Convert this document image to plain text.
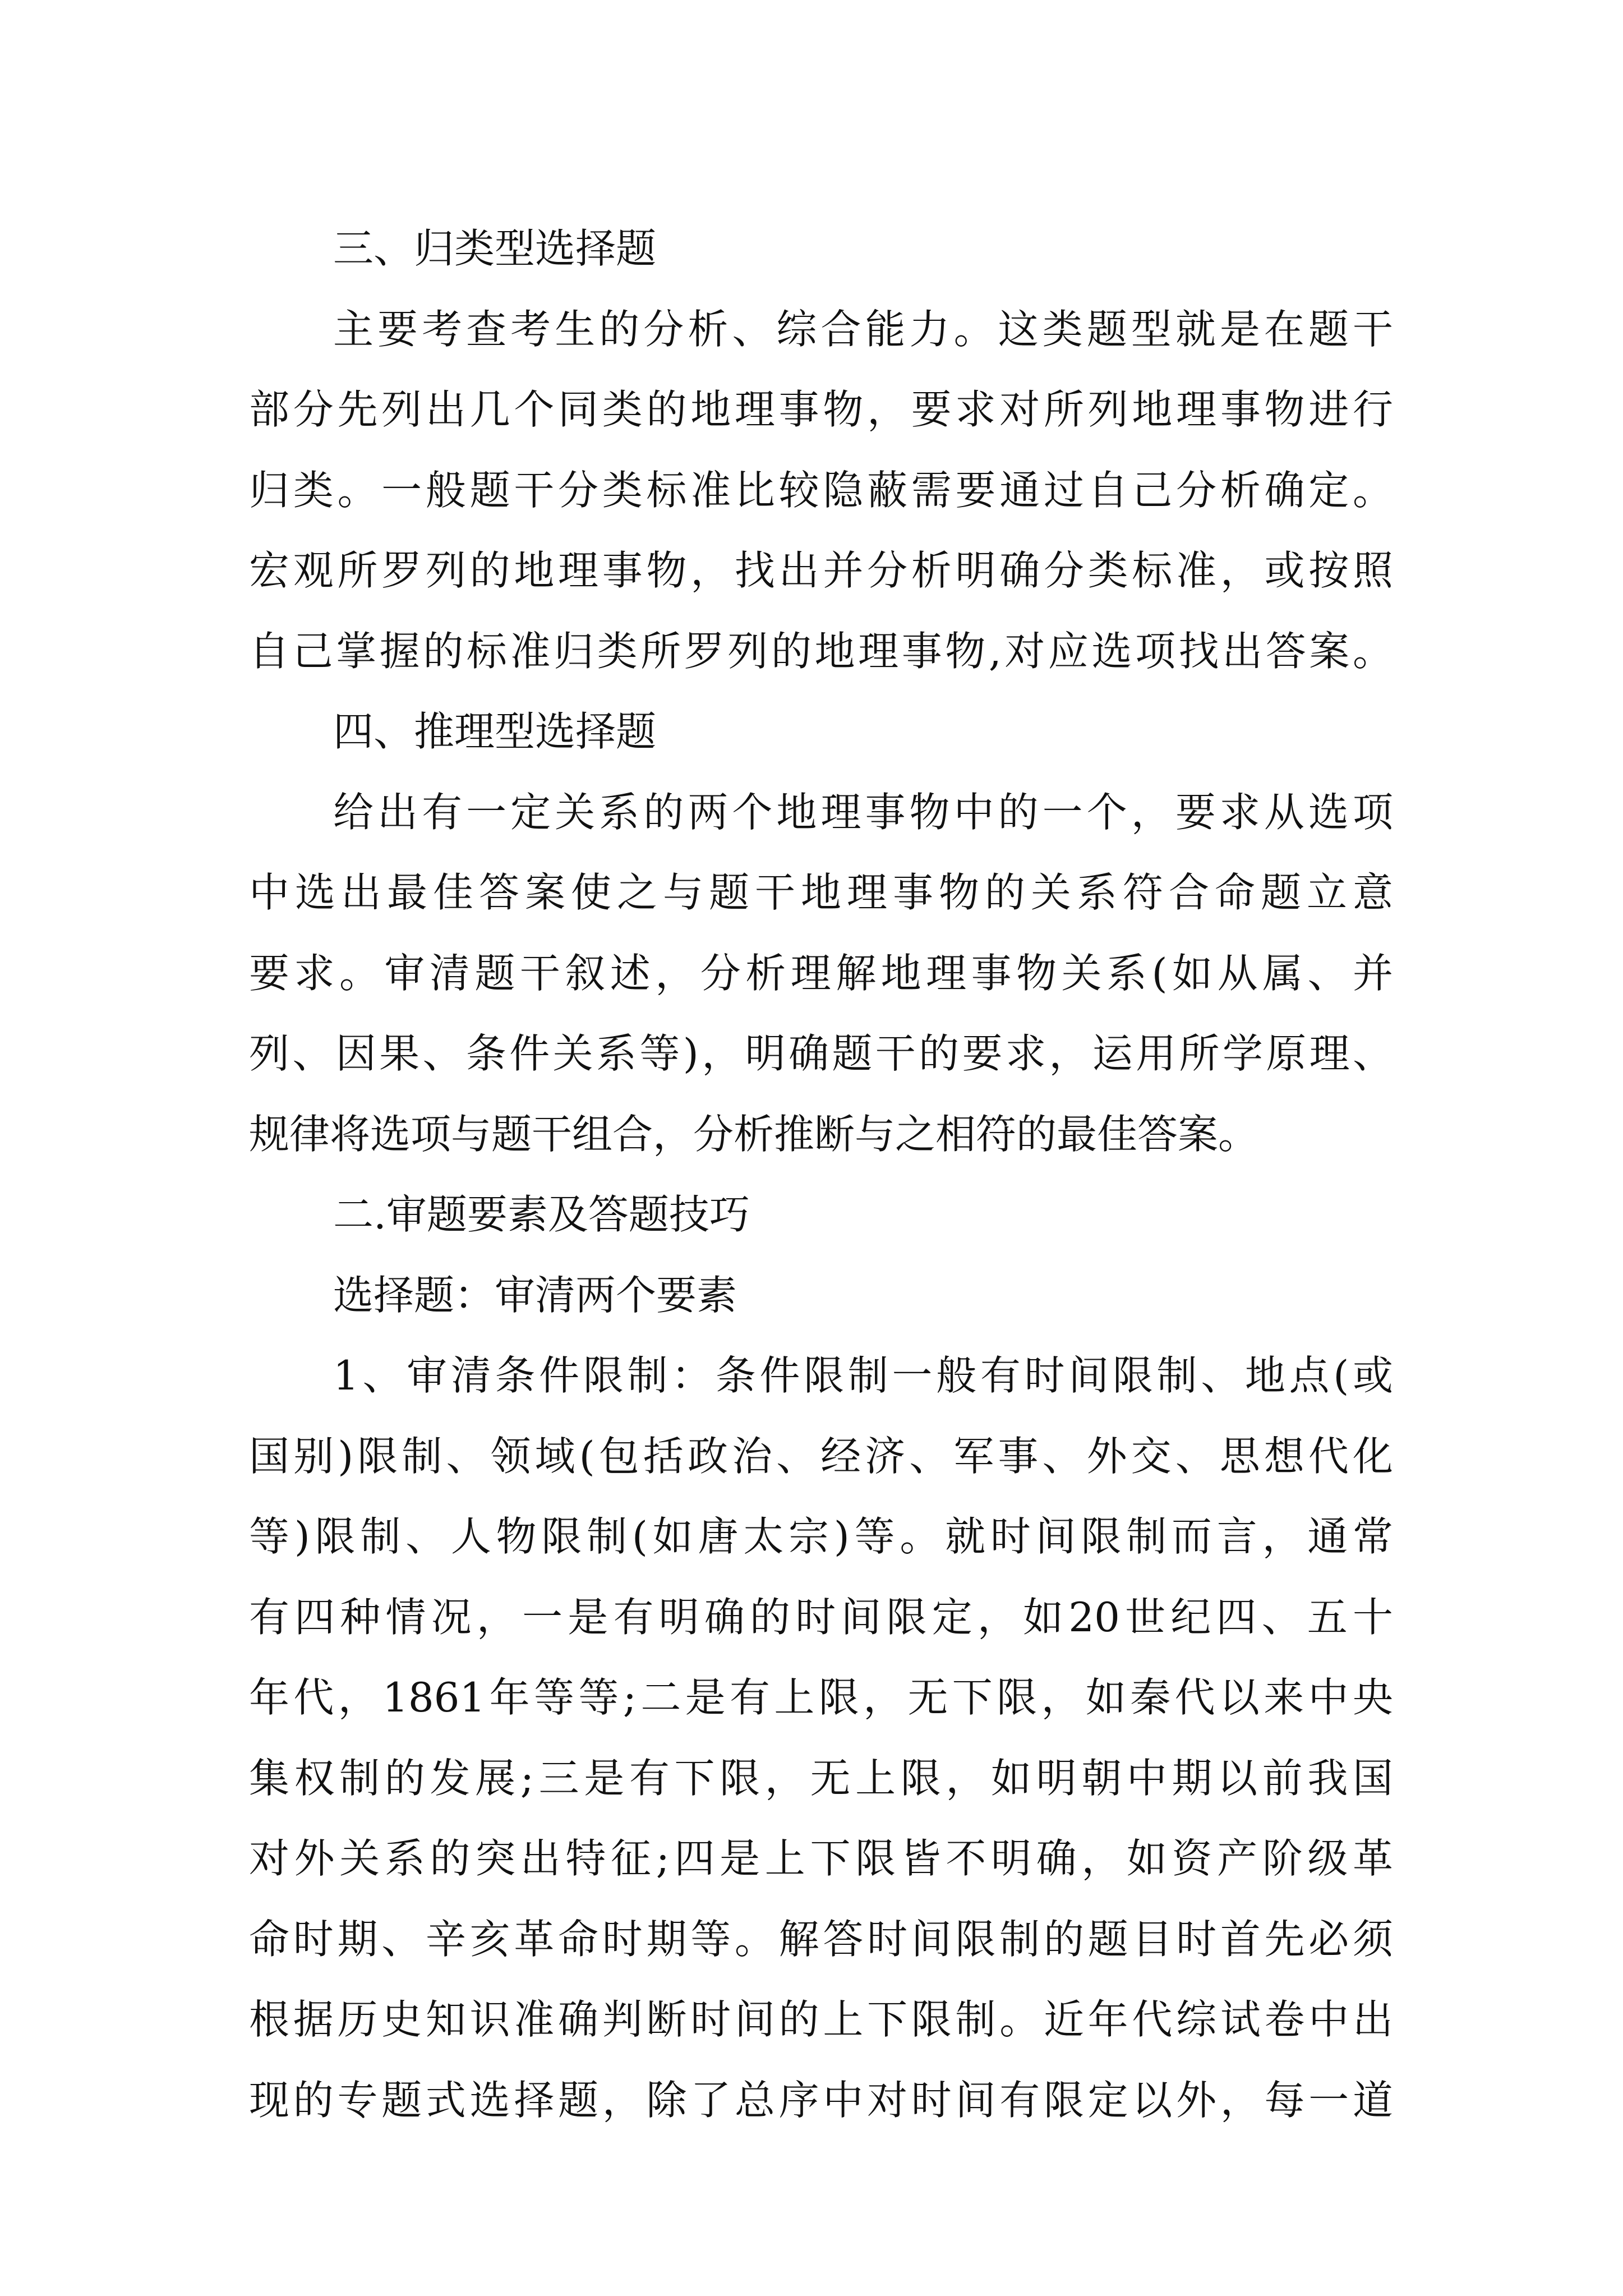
三、归类型选择题
主要考查考生的分析、综合能力。这类题型就是在题干
部分先列出几个同类的地理事物，要求对所列地理事物进行
归类。一般题干分类标准比较隐蔽需要通过自己分析确定。
宏观所罗列的地理事物，找出并分析明确分类标准，或按照
自己掌握的标准归类所罗列的地理事物,对应选项找出答案。
四、推理型选择题
给出有一定关系的两个地理事物中的一个，要求从选项
中选出最佳答案使之与题干地理事物的关系符合命题立意
要求。审清题干叙述，分析理解地理事物关系(如从属、并
列、因果、条件关系等)，明确题干的要求，运用所学原理、
规律将选项与题干组合，分析推断与之相符的最佳答案。
二.审题要素及答题技巧
选择题：审清两个要素
1、审清条件限制：条件限制一般有时间限制、地点(或
国别)限制、领域(包括政治、经济、军事、外交、思想代化
等)限制、人物限制(如唐太宗)等。就时间限制而言，通常
有四种情况，一是有明确的时间限定，如20世纪四、五十
年代，1861年等等;二是有上限，无下限，如秦代以来中央
集权制的发展;三是有下限，无上限，如明朝中期以前我国
对外关系的突出特征;四是上下限皆不明确，如资产阶级革
命时期、辛亥革命时期等。解答时间限制的题目时首先必须
根据历史知识准确判断时间的上下限制。近年代综试卷中出
现的专题式选择题，除了总序中对时间有限定以外，每一道
